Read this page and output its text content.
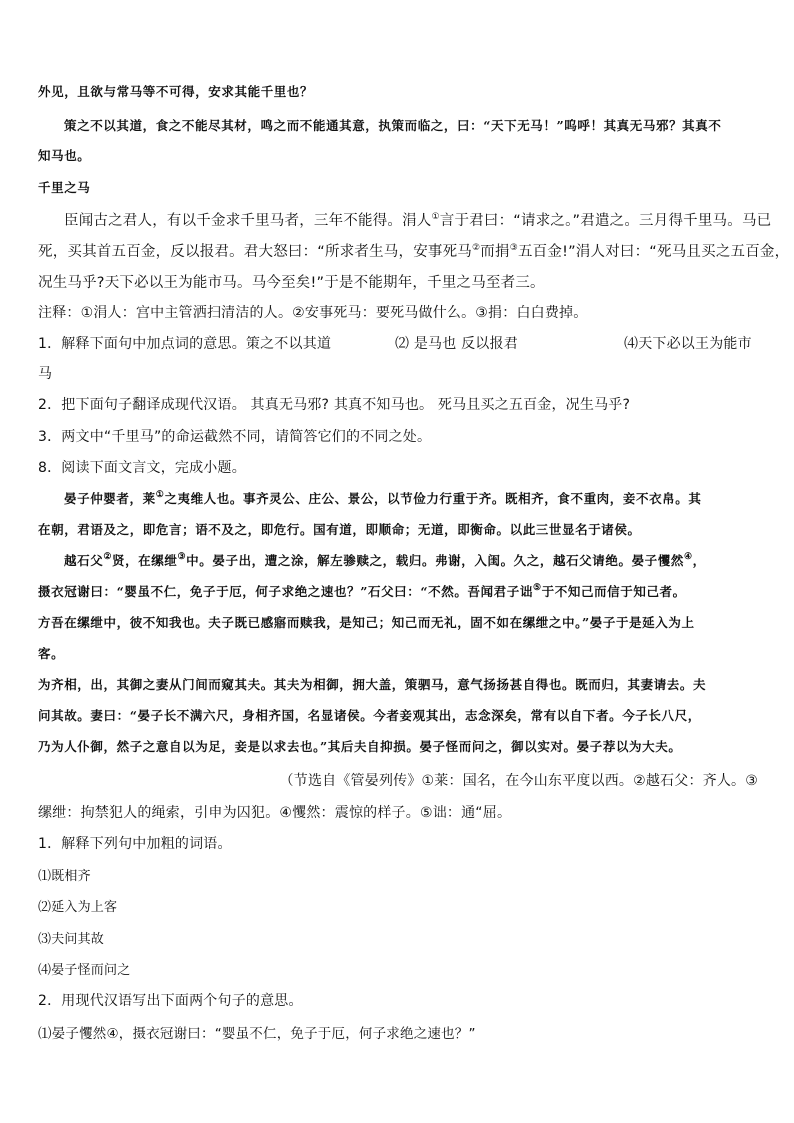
外见，且欲与常马等不可得，安求其能千里也？
策之不以其道，食之不能尽其材，鸣之而不能通其意，执策而临之，曰：“天下无马！”呜呼！其真无马邪？其真不
知马也。
千里之马
臣闻古之君人，有以千金求千里马者，三年不能得。涓人①言于君曰：“请求之。”君遣之。三月得千里马。马已
死，买其首五百金，反以报君。君大怒曰：“所求者生马，安事死马②而捐③五百金!”涓人对曰：“死马且买之五百金，
况生马乎?天下必以王为能市马。马今至矣!”于是不能期年，千里之马至者三。
注释：①涓人：宫中主管洒扫清洁的人。②安事死马：要死马做什么。③捐：白白费掉。
1．解释下面句中加点词的意思。策之不以其道	⑵ 是马也 反以报君	⑷天下必以王为能市
马
2．把下面句子翻译成现代汉语。 其真无马邪? 其真不知马也。 死马且买之五百金，况生马乎?
3．两文中“千里马”的命运截然不同，请简答它们的不同之处。
8．阅读下面文言文，完成小题。
晏子仲婴者，莱①之夷维人也。事齐灵公、庄公、景公，以节俭力行重于齐。既相齐，食不重肉，妾不衣帛。其
在朝，君语及之，即危言；语不及之，即危行。国有道，即顺命；无道，即衡命。以此三世显名于诸侯。
越石父②贤，在缧绁③中。晏子出，遭之涂，解左骖赎之，载归。弗谢，入闺。久之，越石父请绝。晏子戄然④，
摄衣冠谢曰：“婴虽不仁，免子于厄，何子求绝之速也？”石父曰：“不然。吾闻君子诎⑤于不知己而信于知己者。
方吾在缧绁中，彼不知我也。夫子既已感寤而赎我，是知己；知己而无礼，固不如在缧绁之中。”晏子于是延入为上
客。
为齐相，出，其御之妻从门间而窥其夫。其夫为相御，拥大盖，策驷马，意气扬扬甚自得也。既而归，其妻请去。夫
问其故。妻曰：“晏子长不满六尺，身相齐国，名显诸侯。今者妾观其出，志念深矣，常有以自下者。今子长八尺，
乃为人仆御，然子之意自以为足，妾是以求去也。”其后夫自抑损。晏子怪而问之，御以实对。晏子荐以为大夫。
（节选自《管晏列传》①莱：国名，在今山东平度以西。②越石父：齐人。③
缧绁：拘禁犯人的绳索，引申为囚犯。④戄然：震惊的样子。⑤诎：通“屈。
1．解释下列句中加粗的词语。
⑴既相齐
⑵延入为上客
⑶夫问其故
⑷晏子怪而问之
2．用现代汉语写出下面两个句子的意思。
⑴晏子戄然④，摄衣冠谢曰：“婴虽不仁，免子于厄，何子求绝之速也？”
